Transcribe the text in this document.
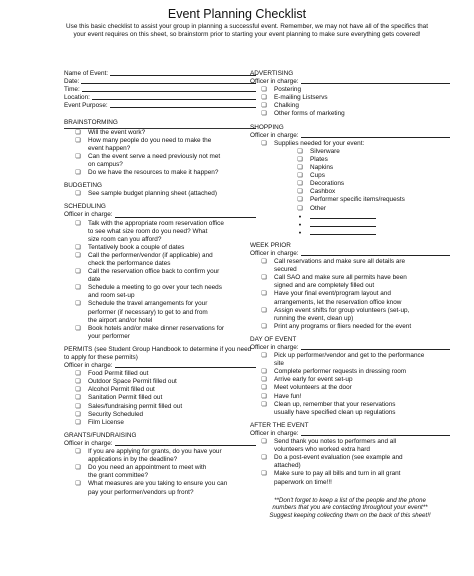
Event Planning Checklist
Use this basic checklist to assist your group in planning a successful event. Remember, we may not have all of the specifics that
your event requires on this sheet, so brainstorm prior to starting your event planning to make sure everything gets covered!
Name of Event:
Date:
Time:
Location:
Event Purpose:
BRAINSTORMING
❏ Will the event work?
❏ How many people do you need to make the
event happen?
❏ Can the event serve a need previously not met
on campus?
❏ Do we have the resources to make it happen?
BUDGETING
❏ See sample budget planning sheet (attached)
SCHEDULING
Officer in charge:
❏ Talk with the appropriate room reservation office
to see what size room do you need? What
size room can you afford?
❏ Tentatively book a couple of dates
❏ Call the performer/vendor (if applicable) and
check the performance dates
❏ Call the reservation office back to confirm your
date
❏ Schedule a meeting to go over your tech needs
and room set-up
❏ Schedule the travel arrangements for your
performer (if necessary) to get to and from
the airport and/or hotel
❏ Book hotels and/or make dinner reservations for
your performer
PERMITS (see Student Group Handbook to determine if you need
to apply for these permits)
Officer in charge:
❏ Food Permit filled out
❏ Outdoor Space Permit filled out
❏ Alcohol Permit filled out
❏ Sanitation Permit filled out
❏ Sales/fundraising permit filled out
❏ Security Scheduled
❏ Film License
GRANTS/FUNDRAISING
Officer in charge:
❏ If you are applying for grants, do you have your
applications in by the deadline?
❏ Do you need an appointment to meet with
the grant committee?
❏ What measures are you taking to ensure you can
pay your performer/vendors up front?
ADVERTISING
Officer in charge:
❏ Postering
❏ E-mailing Listservs
❏ Chalking
❏ Other forms of marketing
SHOPPING
Officer in charge:
❏ Supplies needed for your event:
❏ Silverware
❏ Plates
❏ Napkins
❏ Cups
❏ Decorations
❏ Cashbox
❏ Performer specific items/requests
❏ Other
●
●
●
WEEK PRIOR
Officer in charge:
❏ Call reservations and make sure all details are
secured
❏ Call SAO and make sure all permits have been
signed and are completely filled out
❏ Have your final event/program layout and
arrangements, let the reservation office know
❏ Assign event shifts for group volunteers (set-up,
running the event, clean up)
❏ Print any programs or fliers needed for the event
DAY OF EVENT
Officer in charge:
❏ Pick up performer/vendor and get to the performance
site
❏ Complete performer requests in dressing room
❏ Arrive early for event set-up
❏ Meet volunteers at the door
❏ Have fun!
❏ Clean up, remember that your reservations
usually have specified clean up regulations
AFTER THE EVENT
Officer in charge:
❏ Send thank you notes to performers and all
volunteers who worked extra hard
❏ Do a post-event evaluation (see example and
attached)
❏ Make sure to pay all bills and turn in all grant
paperwork on time!!!
**Don't forget to keep a list of the people and the phone
numbers that you are contacting throughout your event**
Suggest keeping collecting them on the back of this sheet!!
